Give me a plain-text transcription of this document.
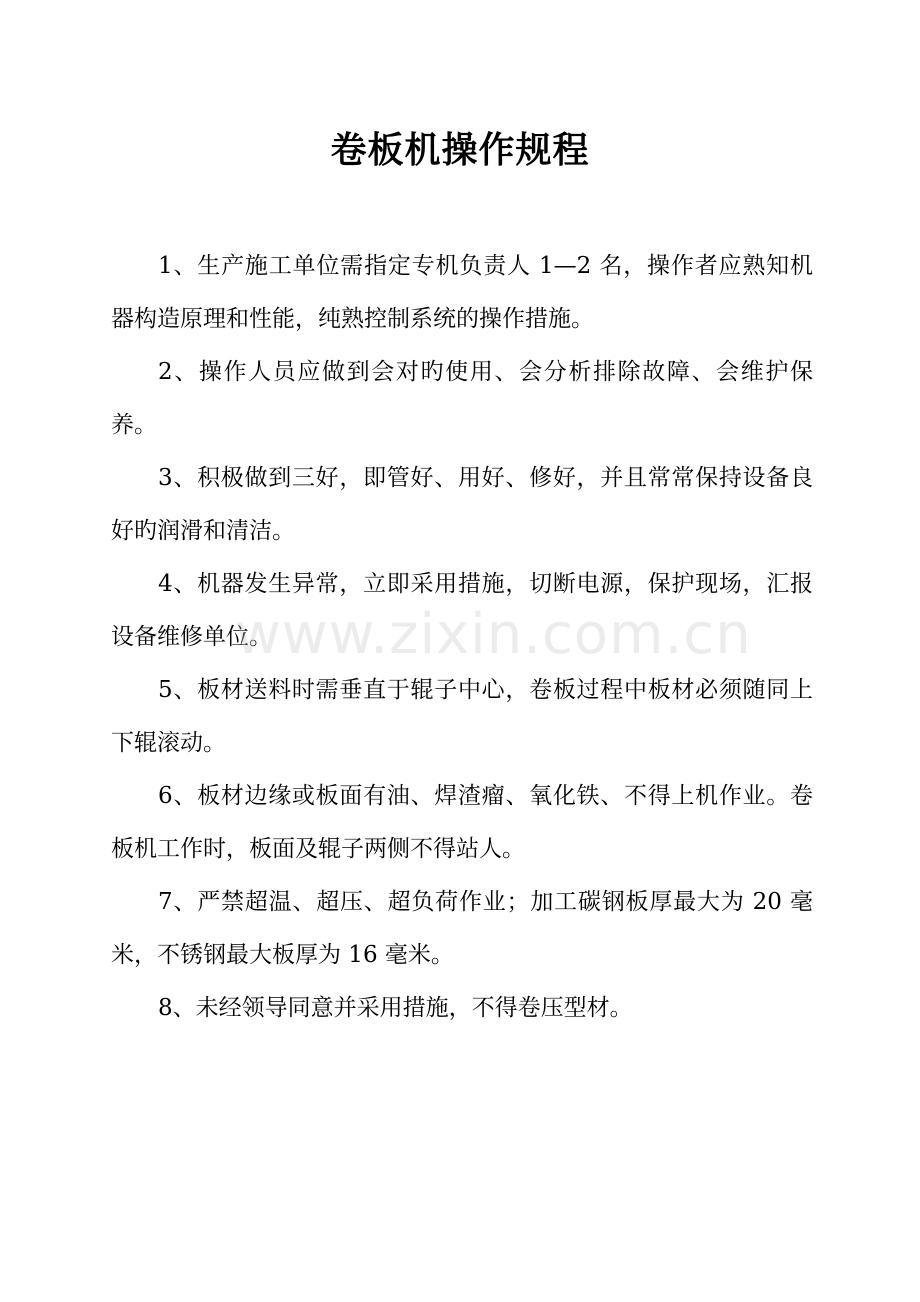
卷板机操作规程

1、生产施工单位需指定专机负责人 1—2 名，操作者应熟知机器构造原理和性能，纯熟控制系统的操作措施。

2、操作人员应做到会对旳使用、会分析排除故障、会维护保养。

3、积极做到三好，即管好、用好、修好，并且常常保持设备良好旳润滑和清洁。

4、机器发生异常，立即采用措施，切断电源，保护现场，汇报设备维修单位。

5、板材送料时需垂直于辊子中心，卷板过程中板材必须随同上下辊滚动。

6、板材边缘或板面有油、焊渣瘤、氧化铁、不得上机作业。卷板机工作时，板面及辊子两侧不得站人。

7、严禁超温、超压、超负荷作业；加工碳钢板厚最大为 20 毫米，不锈钢最大板厚为 16 毫米。

8、未经领导同意并采用措施，不得卷压型材。

www.zixin.com.cn
